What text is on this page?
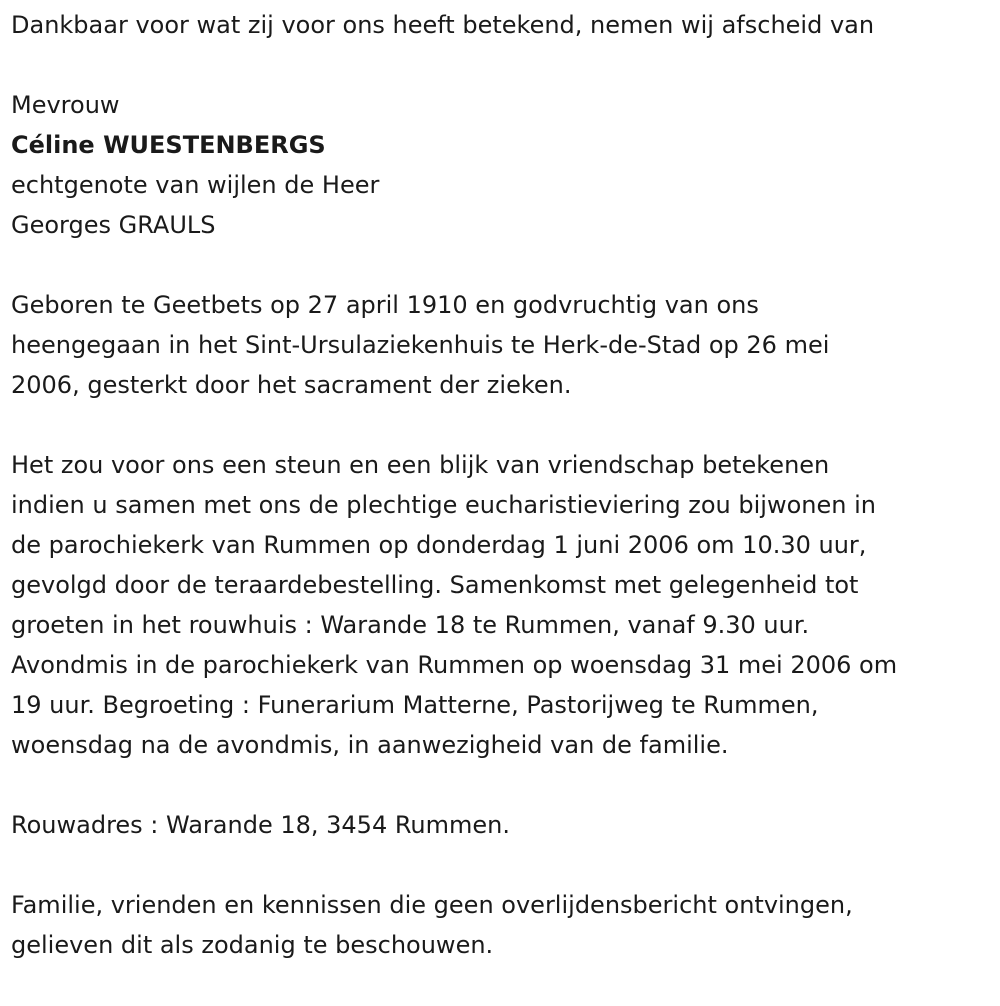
Dankbaar voor wat zij voor ons heeft betekend, nemen wij afscheid van

Mevrouw

Céline WUESTENBERGS

echtgenote van wijlen de Heer

Georges GRAULS

Geboren te Geetbets op 27 april 1910 en godvruchtig van ons

heengegaan in het Sint-Ursulaziekenhuis te Herk-de-Stad op 26 mei

2006, gesterkt door het sacrament der zieken.

Het zou voor ons een steun en een blijk van vriendschap betekenen

indien u samen met ons de plechtige eucharistieviering zou bijwonen in

de parochiekerk van Rummen op donderdag 1 juni 2006 om 10.30 uur,

gevolgd door de teraardebestelling. Samenkomst met gelegenheid tot

groeten in het rouwhuis : Warande 18 te Rummen, vanaf 9.30 uur.

Avondmis in de parochiekerk van Rummen op woensdag 31 mei 2006 om

19 uur. Begroeting : Funerarium Matterne, Pastorijweg te Rummen,

woensdag na de avondmis, in aanwezigheid van de familie.

Rouwadres : Warande 18, 3454 Rummen.

Familie, vrienden en kennissen die geen overlijdensbericht ontvingen,

gelieven dit als zodanig te beschouwen.
